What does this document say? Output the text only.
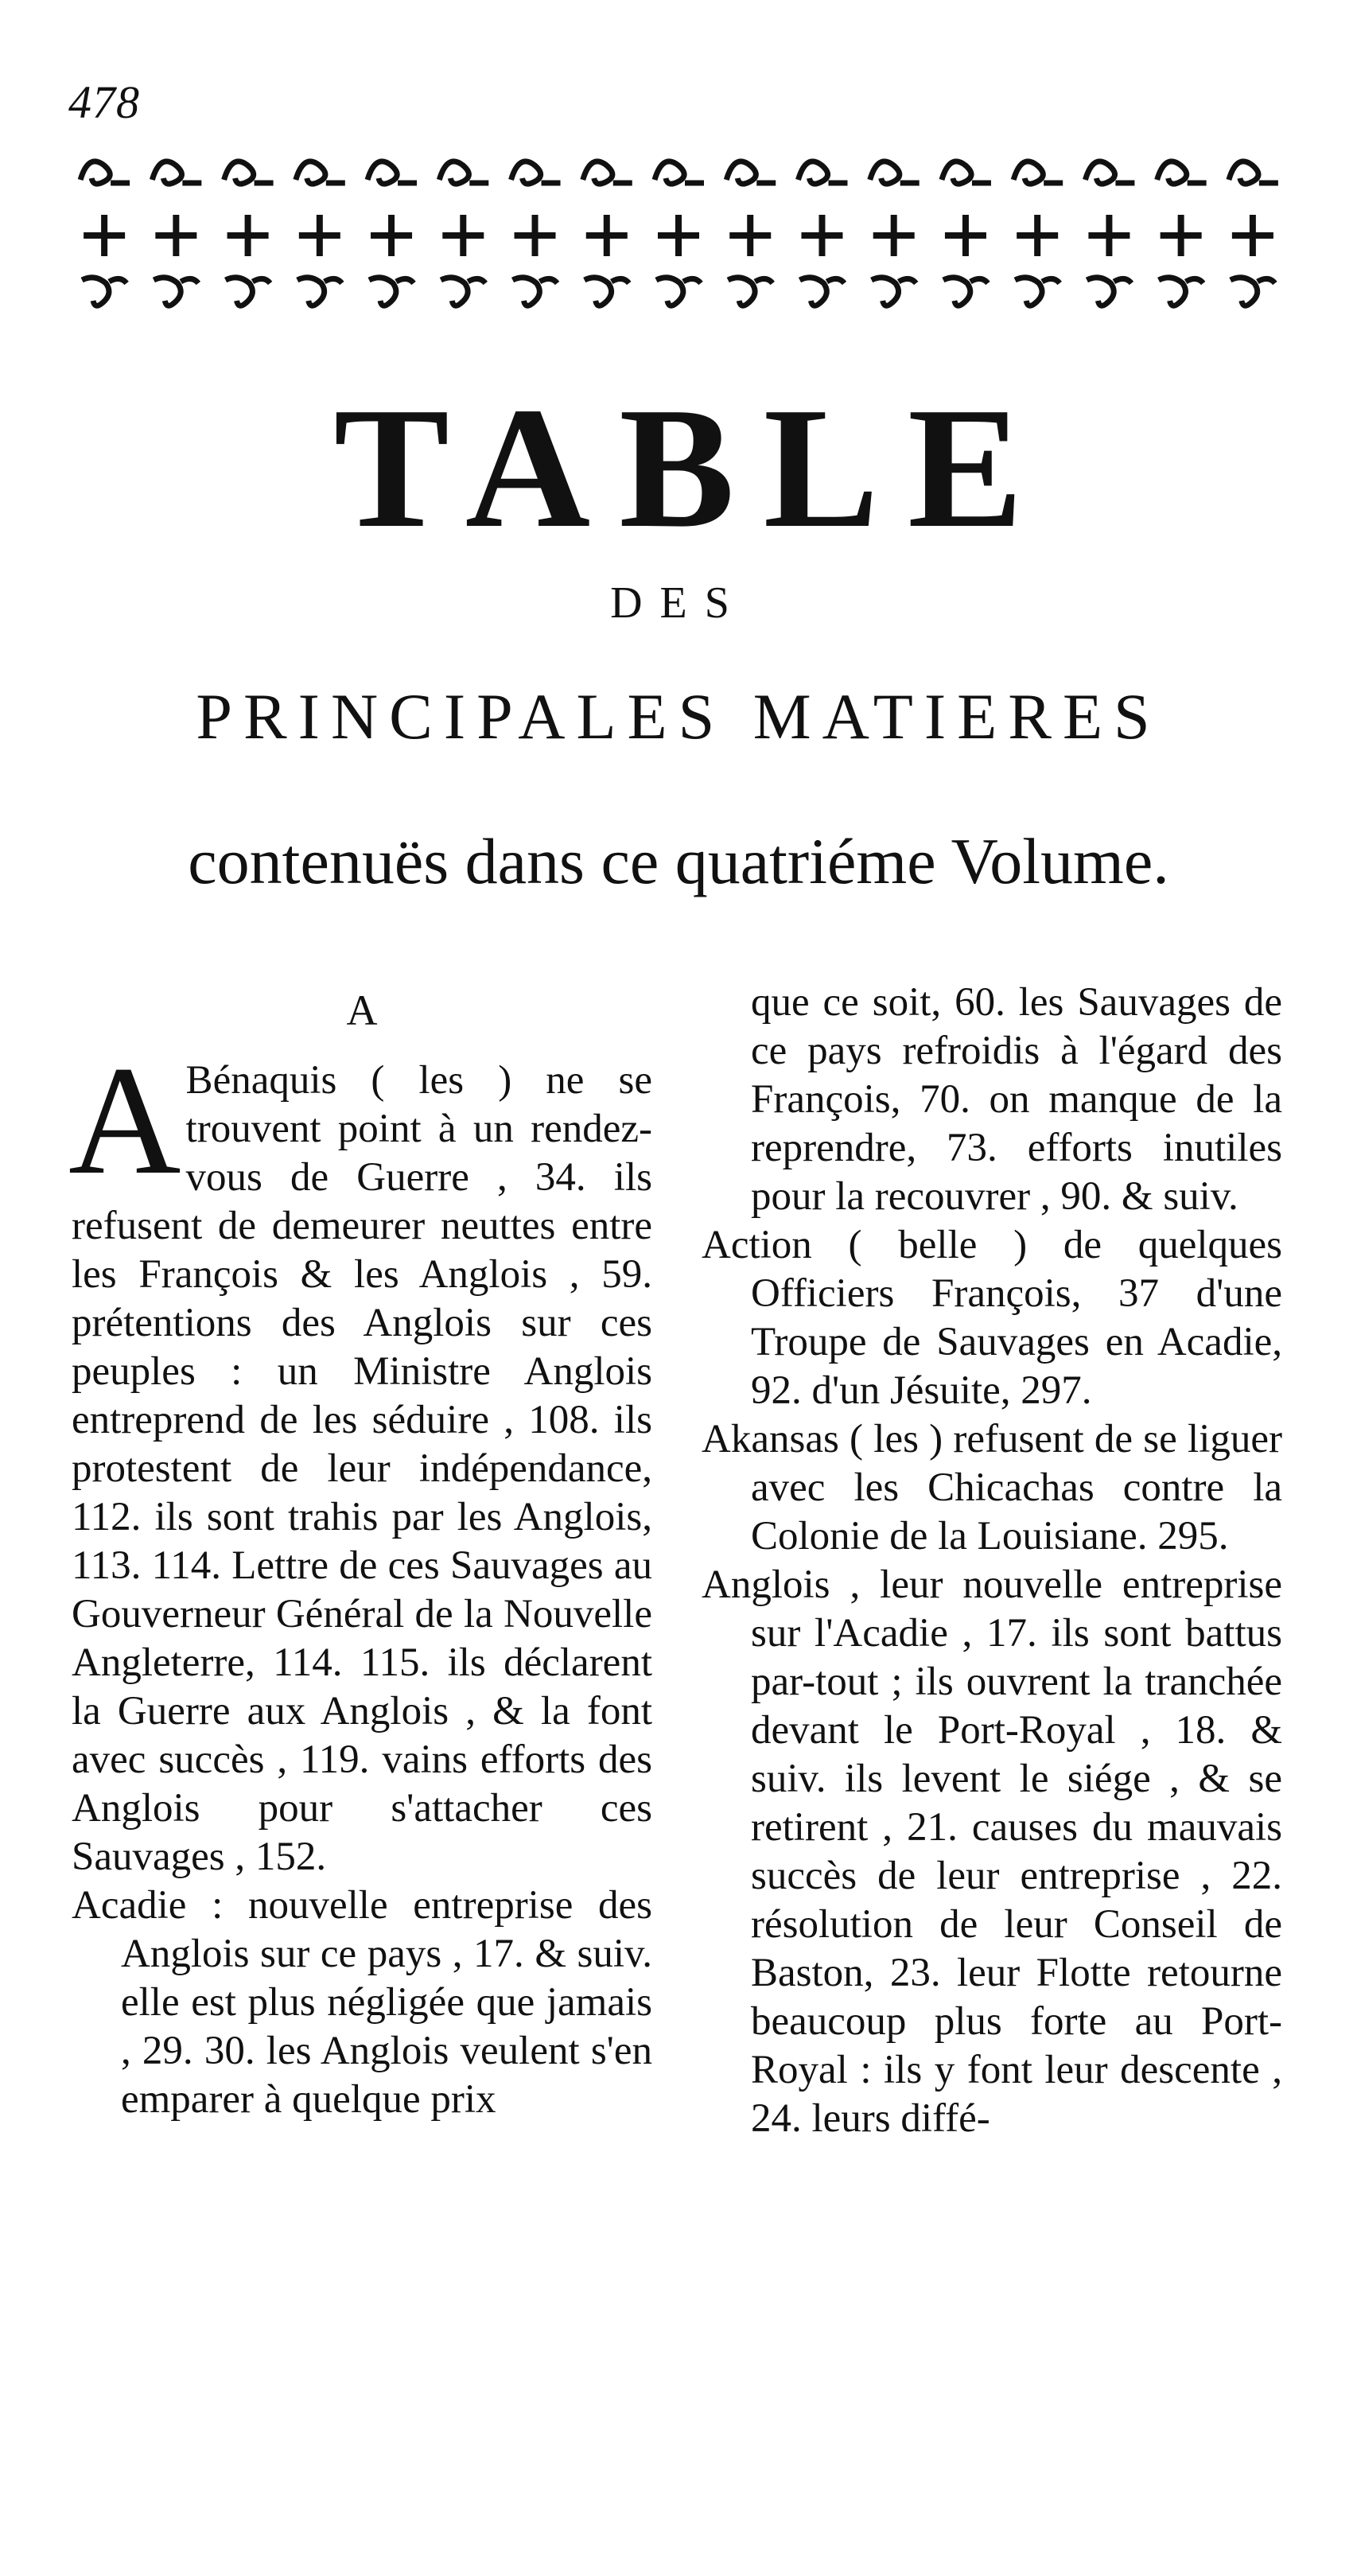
478
TABLE
DES
PRINCIPALES MATIERES
contenuës dans ce quatriéme Volume.
A

A Bénaquis ( les ) ne se trouvent point à un rendez-vous de Guerre , 34. ils refusent de demeurer neuttes entre les François & les Anglois , 59. prétentions des Anglois sur ces peuples : un Ministre Anglois entreprend de les séduire , 108. ils protestent de leur indépendance, 112. ils sont trahis par les Anglois, 113. 114. Lettre de ces Sauvages au Gouverneur Général de la Nouvelle Angleterre, 114. 115. ils déclarent la Guerre aux Anglois , & la font avec succès , 119. vains efforts des Anglois pour s'attacher ces Sauvages , 152.

Acadie : nouvelle entreprise des Anglois sur ce pays , 17. & suiv. elle est plus négligée que jamais , 29. 30. les Anglois veulent s'en emparer à quelque prix

que ce soit, 60. les Sauvages de ce pays refroidis à l'égard des François, 70. on manque de la reprendre, 73. efforts inutiles pour la recouvrer , 90. & suiv.

Action ( belle ) de quelques Officiers François, 37 d'une Troupe de Sauvages en Acadie, 92. d'un Jésuite, 297.

Akansas ( les ) refusent de se liguer avec les Chicachas contre la Colonie de la Louisiane. 295.

Anglois , leur nouvelle entreprise sur l'Acadie , 17. ils sont battus par-tout ; ils ouvrent la tranchée devant le Port-Royal , 18. & suiv. ils levent le siége , & se retirent , 21. causes du mauvais succès de leur entreprise , 22. résolution de leur Conseil de Baston, 23. leur Flotte retourne beaucoup plus forte au Port-Royal : ils y font leur descente , 24. leurs diffé-
